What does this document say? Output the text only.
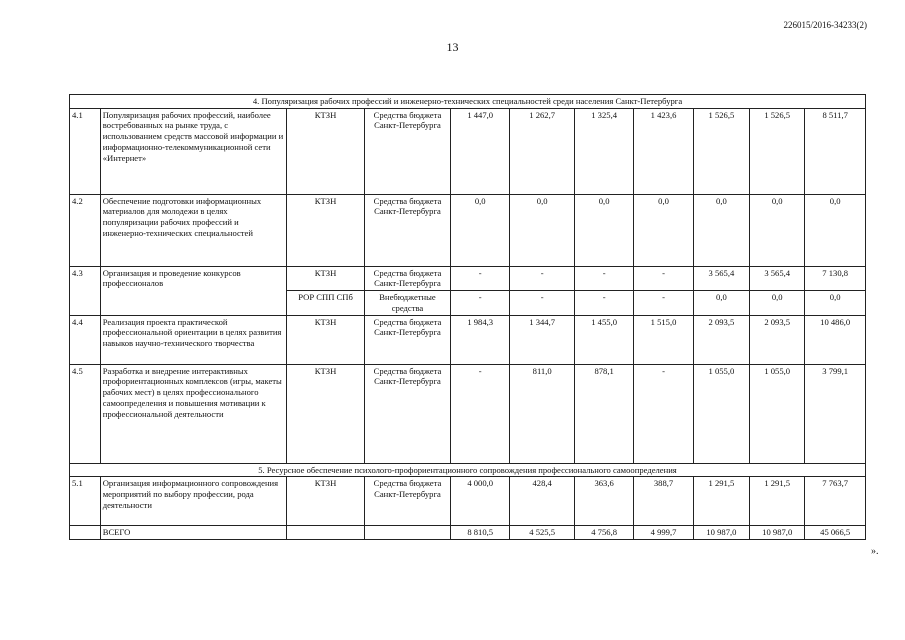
226015/2016-34233(2)
13
4. Популяризация рабочих профессий и инженерно-технических специальностей среди населения Санкт-Петербурга										
4.1	Популяризация рабочих профессий, наиболее востребованных на рынке труда, с использованием средств массовой информации и информационно-телекоммуникационной сети «Интернет»	КТЗН	Средства бюджета Санкт-Петербурга	1 447,0	1 262,7	1 325,4	1 423,6	1 526,5	1 526,5	8 511,7
4.2	Обеспечение подготовки информационных материалов для молодежи в целях популяризации рабочих профессий и инженерно-технических специальностей	КТЗН	Средства бюджета Санкт-Петербурга	0,0	0,0	0,0	0,0	0,0	0,0	0,0
4.3	Организация и проведение конкурсов профессионалов	КТЗН	Средства бюджета Санкт-Петербурга	-	-	-	-	3 565,4	3 565,4	7 130,8
		РОР СПП СПб	Внебюджетные средства	-	-	-	-	0,0	0,0	0,0
4.4	Реализация проекта практической профессиональной ориентации в целях развития навыков научно-технического творчества	КТЗН	Средства бюджета Санкт-Петербурга	1 984,3	1 344,7	1 455,0	1 515,0	2 093,5	2 093,5	10 486,0
4.5	Разработка и внедрение интерактивных профориентационных комплексов (игры, макеты рабочих мест) в целях профессионального самоопределения и повышения мотивации к профессиональной деятельности	КТЗН	Средства бюджета Санкт-Петербурга	-	811,0	878,1	-	1 055,0	1 055,0	3 799,1
5. Ресурсное обеспечение психолого-профориентационного сопровождения профессионального самоопределения										
5.1	Организация информационного сопровождения мероприятий по выбору профессии, рода деятельности	КТЗН	Средства бюджета Санкт-Петербурга	4 000,0	428,4	363,6	388,7	1 291,5	1 291,5	7 763,7
	ВСЕГО			8 810,5	4 525,5	4 756,8	4 999,7	10 987,0	10 987,0	45 066,5
».
